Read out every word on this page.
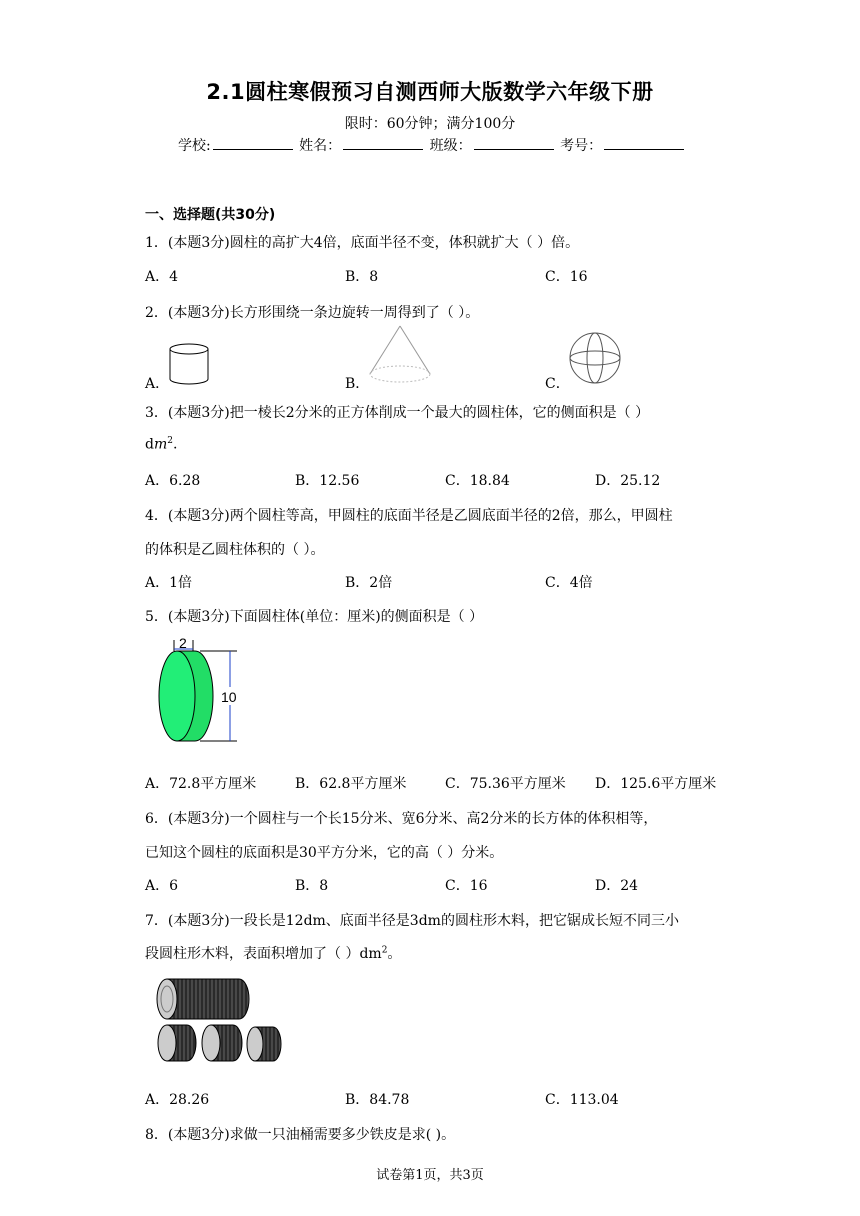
2.1圆柱寒假预习自测西师大版数学六年级下册
限时：60分钟；满分100分
学校:	姓名：	班级：	考号：
一、选择题(共30分)
1．(本题3分)圆柱的高扩大4倍，底面半径不变，体积就扩大（ ）倍。
A．4	B．8	C．16
2．(本题3分)长方形围绕一条边旋转一周得到了（ ）。
A．	B．	C．
3．(本题3分)把一棱长2分米的正方体削成一个最大的圆柱体，它的侧面积是（ ）
$dm^2$.
A．6.28	B．12.56	C．18.84	D．25.12
4．(本题3分)两个圆柱等高，甲圆柱的底面半径是乙圆底面半径的2倍，那么，甲圆柱
的体积是乙圆柱体积的（ ）。
A．1倍	B．2倍	C．4倍
5．(本题3分)下面圆柱体(单位：厘米)的侧面积是（ ）
2
10
A．72.8平方厘米	B．62.8平方厘米	C．75.36平方厘米 D．125.6平方厘米
6．(本题3分)一个圆柱与一个长15分米、宽6分米、高2分米的长方体的体积相等，
已知这个圆柱的底面积是30平方分米，它的高（ ）分米。
A．6	B．8	C．16	D．24
7．(本题3分)一段长是12dm、底面半径是3dm的圆柱形木料，把它锯成长短不同三小
段圆柱形木料，表面积增加了（ ）$dm^2$。
A．28.26	B．84.78	C．113.04
8．(本题3分)求做一只油桶需要多少铁皮是求( )。
试卷第1页，共3页
